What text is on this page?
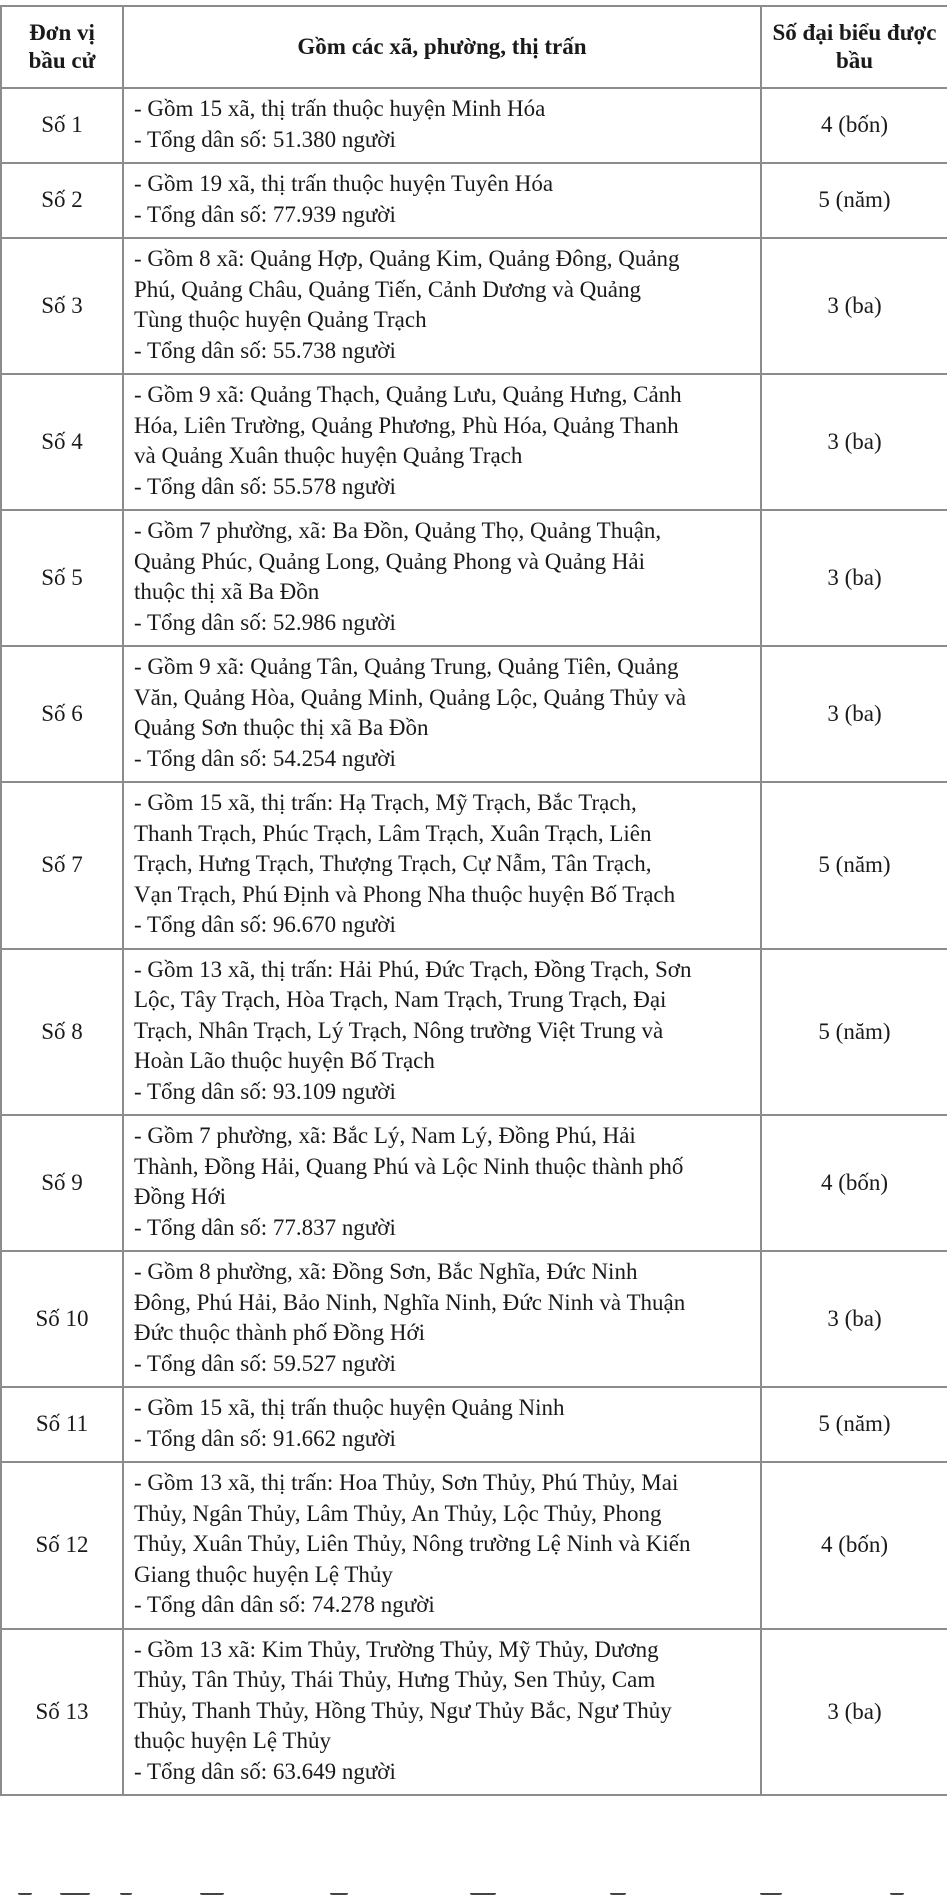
Đơn vị bầu cử	Gồm các xã, phường, thị trấn	Số đại biểu được bầu
Số 1	- Gồm 15 xã, thị trấn thuộc huyện Minh Hóa
- Tổng dân số: 51.380 người	4 (bốn)
Số 2	- Gồm 19 xã, thị trấn thuộc huyện Tuyên Hóa
- Tổng dân số: 77.939 người	5 (năm)
Số 3	- Gồm 8 xã: Quảng Hợp, Quảng Kim, Quảng Đông, Quảng
Phú, Quảng Châu, Quảng Tiến, Cảnh Dương và Quảng
Tùng thuộc huyện Quảng Trạch
- Tổng dân số: 55.738 người	3 (ba)
Số 4	- Gồm 9 xã: Quảng Thạch, Quảng Lưu, Quảng Hưng, Cảnh
Hóa, Liên Trường, Quảng Phương, Phù Hóa, Quảng Thanh
và Quảng Xuân thuộc huyện Quảng Trạch
- Tổng dân số: 55.578 người	3 (ba)
Số 5	- Gồm 7 phường, xã: Ba Đồn, Quảng Thọ, Quảng Thuận,
Quảng Phúc, Quảng Long, Quảng Phong và Quảng Hải
thuộc thị xã Ba Đồn
- Tổng dân số: 52.986 người	3 (ba)
Số 6	- Gồm 9 xã: Quảng Tân, Quảng Trung, Quảng Tiên, Quảng
Văn, Quảng Hòa, Quảng Minh, Quảng Lộc, Quảng Thủy và
Quảng Sơn thuộc thị xã Ba Đồn
- Tổng dân số: 54.254 người	3 (ba)
Số 7	- Gồm 15 xã, thị trấn: Hạ Trạch, Mỹ Trạch, Bắc Trạch,
Thanh Trạch, Phúc Trạch, Lâm Trạch, Xuân Trạch, Liên
Trạch, Hưng Trạch, Thượng Trạch, Cự Nẫm, Tân Trạch,
Vạn Trạch, Phú Định và Phong Nha thuộc huyện Bố Trạch
- Tổng dân số: 96.670 người	5 (năm)
Số 8	- Gồm 13 xã, thị trấn: Hải Phú, Đức Trạch, Đồng Trạch, Sơn
Lộc, Tây Trạch, Hòa Trạch, Nam Trạch, Trung Trạch, Đại
Trạch, Nhân Trạch, Lý Trạch, Nông trường Việt Trung và
Hoàn Lão thuộc huyện Bố Trạch
- Tổng dân số: 93.109 người	5 (năm)
Số 9	- Gồm 7 phường, xã: Bắc Lý, Nam Lý, Đồng Phú, Hải
Thành, Đồng Hải, Quang Phú và Lộc Ninh thuộc thành phố
Đồng Hới
- Tổng dân số: 77.837 người	4 (bốn)
Số 10	- Gồm 8 phường, xã: Đồng Sơn, Bắc Nghĩa, Đức Ninh
Đông, Phú Hải, Bảo Ninh, Nghĩa Ninh, Đức Ninh và Thuận
Đức thuộc thành phố Đồng Hới
- Tổng dân số: 59.527 người	3 (ba)
Số 11	- Gồm 15 xã, thị trấn thuộc huyện Quảng Ninh
- Tổng dân số: 91.662 người	5 (năm)
Số 12	- Gồm 13 xã, thị trấn: Hoa Thủy, Sơn Thủy, Phú Thủy, Mai
Thủy, Ngân Thủy, Lâm Thủy, An Thủy, Lộc Thủy, Phong
Thủy, Xuân Thủy, Liên Thủy, Nông trường Lệ Ninh và Kiến
Giang thuộc huyện Lệ Thủy
- Tổng dân dân số: 74.278 người	4 (bốn)
Số 13	- Gồm 13 xã: Kim Thủy, Trường Thủy, Mỹ Thủy, Dương
Thủy, Tân Thủy, Thái Thủy, Hưng Thủy, Sen Thủy, Cam
Thủy, Thanh Thủy, Hồng Thủy, Ngư Thủy Bắc, Ngư Thủy
thuộc huyện Lệ Thủy
- Tổng dân số: 63.649 người	3 (ba)
